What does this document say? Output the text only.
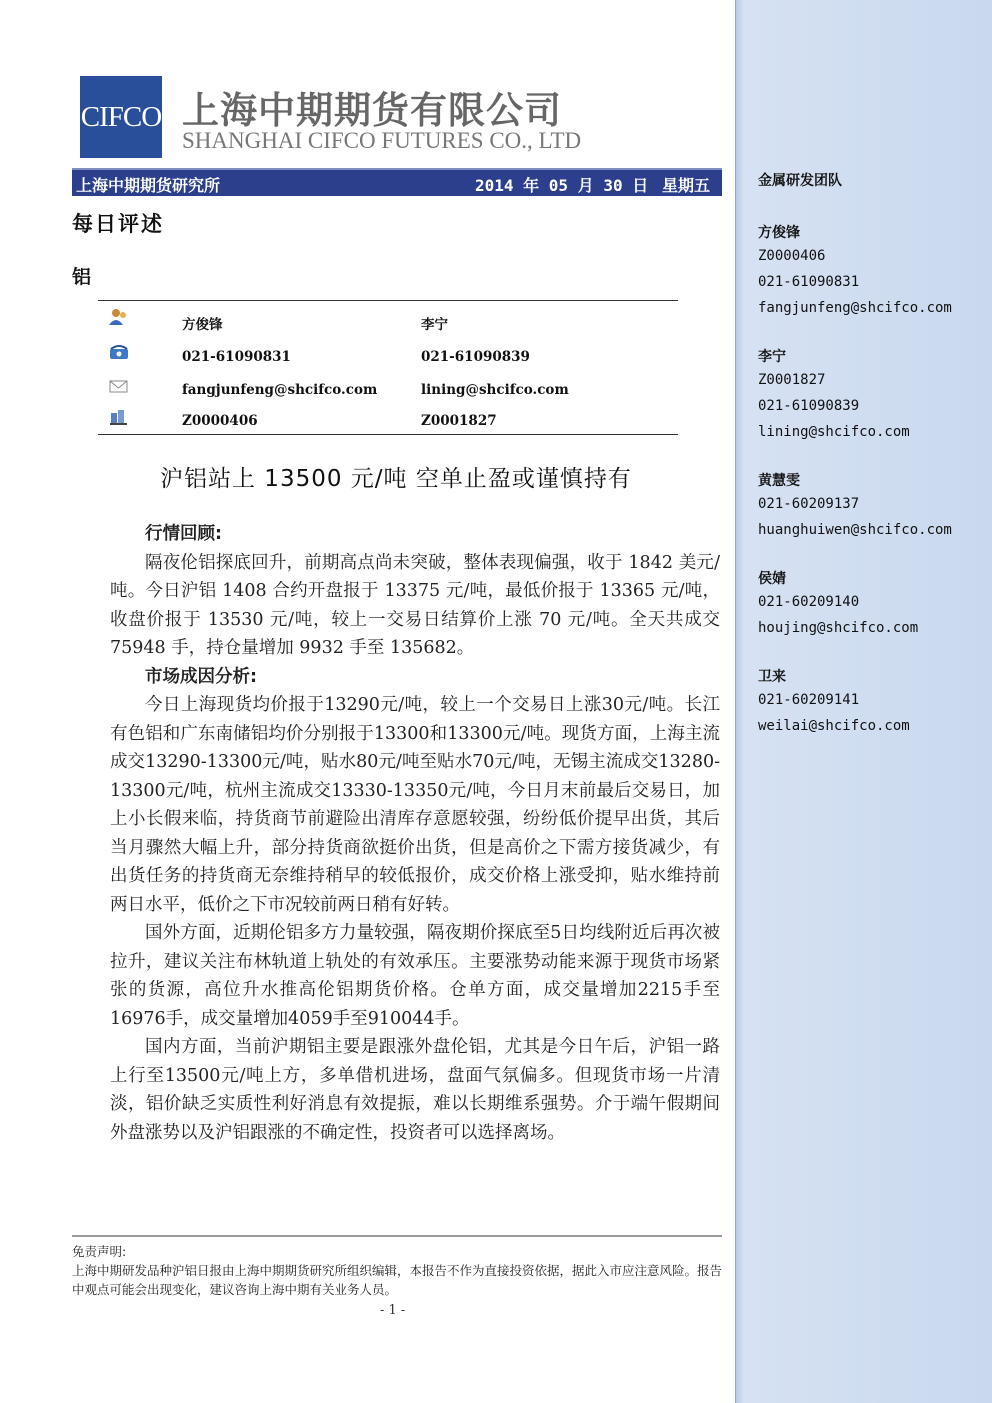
金属研发团队
方俊锋
Z0000406
021-61090831
fangjunfeng@shcifco.com
李宁
Z0001827
021-61090839
lining@shcifco.com
黄慧雯
021-60209137
huanghuiwen@shcifco.com
侯婧
021-60209140
houjing@shcifco.com
卫来
021-60209141
weilai@shcifco.com
CIFCO 上海中期期货有限公司
SHANGHAI CIFCO FUTURES CO., LTD
上海中期期货研究所	2014 年 05 月 30 日 星期五
每日评述
铝
方俊锋	李宁
021-61090831	021-61090839
fangjunfeng@shcifco.com	lining@shcifco.com
Z0000406	Z0001827
沪铝站上 13500 元/吨 空单止盈或谨慎持有
行情回顾:

隔夜伦铝探底回升，前期高点尚未突破，整体表现偏强，收于 1842 美元/吨。今日沪铝 1408 合约开盘报于 13375 元/吨，最低价报于 13365 元/吨，收盘价报于 13530 元/吨，较上一交易日结算价上涨 70 元/吨。全天共成交 75948 手，持仓量增加 9932 手至 135682。

市场成因分析:

今日上海现货均价报于13290元/吨，较上一个交易日上涨30元/吨。长江有色铝和广东南储铝均价分别报于13300和13300元/吨。现货方面，上海主流成交13290-13300元/吨，贴水80元/吨至贴水70元/吨，无锡主流成交13280-13300元/吨，杭州主流成交13330-13350元/吨，今日月末前最后交易日，加上小长假来临，持货商节前避险出清库存意愿较强，纷纷低价提早出货，其后当月骤然大幅上升，部分持货商欲挺价出货，但是高价之下需方接货减少，有出货任务的持货商无奈维持稍早的较低报价，成交价格上涨受抑，贴水维持前两日水平，低价之下市况较前两日稍有好转。

国外方面，近期伦铝多方力量较强，隔夜期价探底至5日均线附近后再次被拉升，建议关注布林轨道上轨处的有效承压。主要涨势动能来源于现货市场紧张的货源，高位升水推高伦铝期货价格。仓单方面，成交量增加2215手至16976手，成交量增加4059手至910044手。

国内方面，当前沪期铝主要是跟涨外盘伦铝，尤其是今日午后，沪铝一路上行至13500元/吨上方，多单借机进场，盘面气氛偏多。但现货市场一片清淡，铝价缺乏实质性利好消息有效提振，难以长期维系强势。介于端午假期间外盘涨势以及沪铝跟涨的不确定性，投资者可以选择离场。

免责声明:
上海中期研发品种沪铝日报由上海中期期货研究所组织编辑，本报告不作为直接投资依据，据此入市应注意风险。报告中观点可能会出现变化，建议咨询上海中期有关业务人员。
- 1 -
